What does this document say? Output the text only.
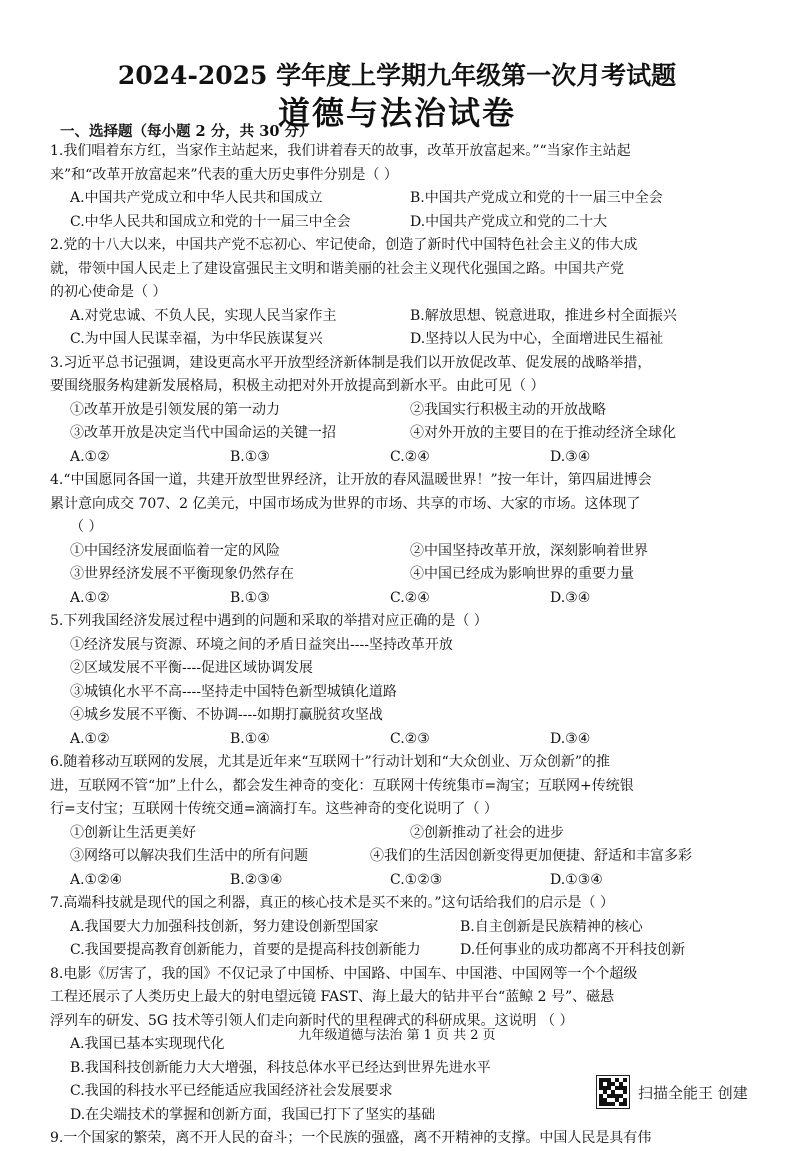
2024-2025 学年度上学期九年级第一次月考试题
道德与法治试卷
一、选择题（每小题 2 分，共 30 分）
1.我们唱着东方红，当家作主站起来，我们讲着春天的故事，改革开放富起来。”“当家作主站起
来”和“改革开放富起来”代表的重大历史事件分别是（ ）
A.中国共产党成立和中华人民共和国成立	B.中国共产党成立和党的十一届三中全会
C.中华人民共和国成立和党的十一届三中全会	D.中国共产党成立和党的二十大
2.党的十八大以来，中国共产党不忘初心、牢记使命，创造了新时代中国特色社会主义的伟大成
就，带领中国人民走上了建设富强民主文明和谐美丽的社会主义现代化强国之路。中国共产党
的初心使命是（ ）
A.对党忠诚、不负人民，实现人民当家作主	B.解放思想、锐意进取，推进乡村全面振兴
C.为中国人民谋幸福，为中华民族谋复兴	D.坚持以人民为中心，全面增进民生福祉
3.习近平总书记强调，建设更高水平开放型经济新体制是我们以开放促改革、促发展的战略举措，
要围绕服务构建新发展格局，积极主动把对外开放提高到新水平。由此可见（ ）
①改革开放是引领发展的第一动力	②我国实行积极主动的开放战略
③改革开放是决定当代中国命运的关键一招	④对外开放的主要目的在于推动经济全球化
A.①②	B.①③	C.②④	D.③④
4.“中国愿同各国一道，共建开放型世界经济，让开放的春风温暖世界！”按一年计，第四届进博会
累计意向成交 707、2 亿美元，中国市场成为世界的市场、共享的市场、大家的市场。这体现了
（ ）
①中国经济发展面临着一定的风险	②中国坚持改革开放，深刻影响着世界
③世界经济发展不平衡现象仍然存在	④中国已经成为影响世界的重要力量
A.①②	B.①③	C.②④	D.③④
5.下列我国经济发展过程中遇到的问题和采取的举措对应正确的是（ ）
①经济发展与资源、环境之间的矛盾日益突出----坚持改革开放
②区域发展不平衡----促进区域协调发展
③城镇化水平不高----坚持走中国特色新型城镇化道路
④城乡发展不平衡、不协调----如期打赢脱贫攻坚战
A.①②	B.①④	C.②③	D.③④
6.随着移动互联网的发展，尤其是近年来“互联网十”行动计划和“大众创业、万众创新”的推
进，互联网不管“加”上什么，都会发生神奇的变化：互联网十传统集市=淘宝；互联网+传统银
行=支付宝；互联网十传统交通=滴滴打车。这些神奇的变化说明了（ ）
①创新让生活更美好	②创新推动了社会的进步
③网络可以解决我们生活中的所有问题	④我们的生活因创新变得更加便捷、舒适和丰富多彩
A.①②④	B.②③④	C.①②③	D.①③④
7.高端科技就是现代的国之利器，真正的核心技术是买不来的。”这句话给我们的启示是（ ）
A.我国要大力加强科技创新，努力建设创新型国家	B.自主创新是民族精神的核心
C.我国要提高教育创新能力，首要的是提高科技创新能力	D.任何事业的成功都离不开科技创新
8.电影《厉害了，我的国》不仅记录了中国桥、中国路、中国车、中国港、中国网等一个个超级
工程还展示了人类历史上最大的射电望远镜 FAST、海上最大的钻井平台“蓝鲸 2 号”、磁悬
浮列车的研发、5G 技术等引领人们走向新时代的里程碑式的科研成果。这说明 （ ）
A.我国已基本实现现代化
B.我国科技创新能力大大增强，科技总体水平已经达到世界先进水平
C.我国的科技水平已经能适应我国经济社会发展要求
D.在尖端技术的掌握和创新方面，我国已打下了坚实的基础
9.一个国家的繁荣，离不开人民的奋斗；一个民族的强盛，离不开精神的支撑。中国人民是具有伟
九年级道德与法治 第 1 页 共 2 页
扫描全能王 创建
